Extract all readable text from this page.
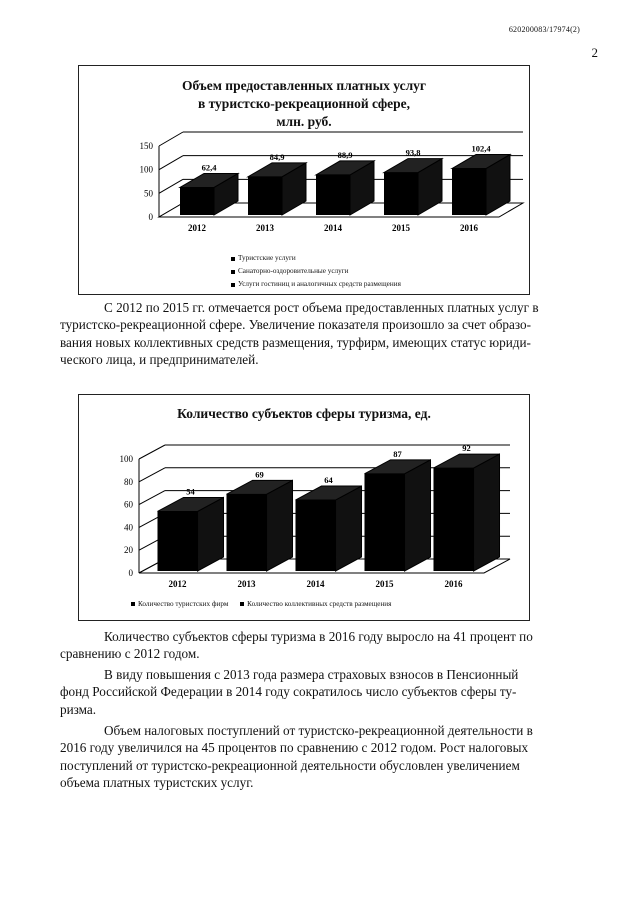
620200083/17974(2)
2
Объем предоставленных платных услуг
в туристско-рекреационной сфере,
млн. руб.
0
50
100
150
62,4
2012
84,9
2013
88,9
2014
93,8
2015
102,4
2016
Туристские услуги
Санаторно-оздоровительные услуги
Услуги гостиниц и аналогичных средств размещения
С 2012 по 2015 гг. отмечается рост объема предоставленных платных услуг в
туристско-рекреационной сфере. Увеличение показателя произошло за счет образо-
вания новых коллективных средств размещения, турфирм, имеющих статус юриди-
ческого лица, и предпринимателей.
Количество субъектов сферы туризма, ед.
0
20
40
60
80
100
54
2012
69
2013
64
2014
87
2015
92
2016
Количество туристских фирм
	Количество коллективных средств размещения
Количество субъектов сферы туризма в 2016 году выросло на 41 процент по
сравнению с 2012 годом.
В виду повышения с 2013 года размера страховых взносов в Пенсионный
фонд Российской Федерации в 2014 году сократилось число субъектов сферы ту-
ризма.
Объем налоговых поступлений от туристско-рекреационной деятельности в
2016 году увеличился на 45 процентов по сравнению с 2012 годом. Рост налоговых
поступлений от туристско-рекреационной деятельности обусловлен увеличением
объема платных туристских услуг.
